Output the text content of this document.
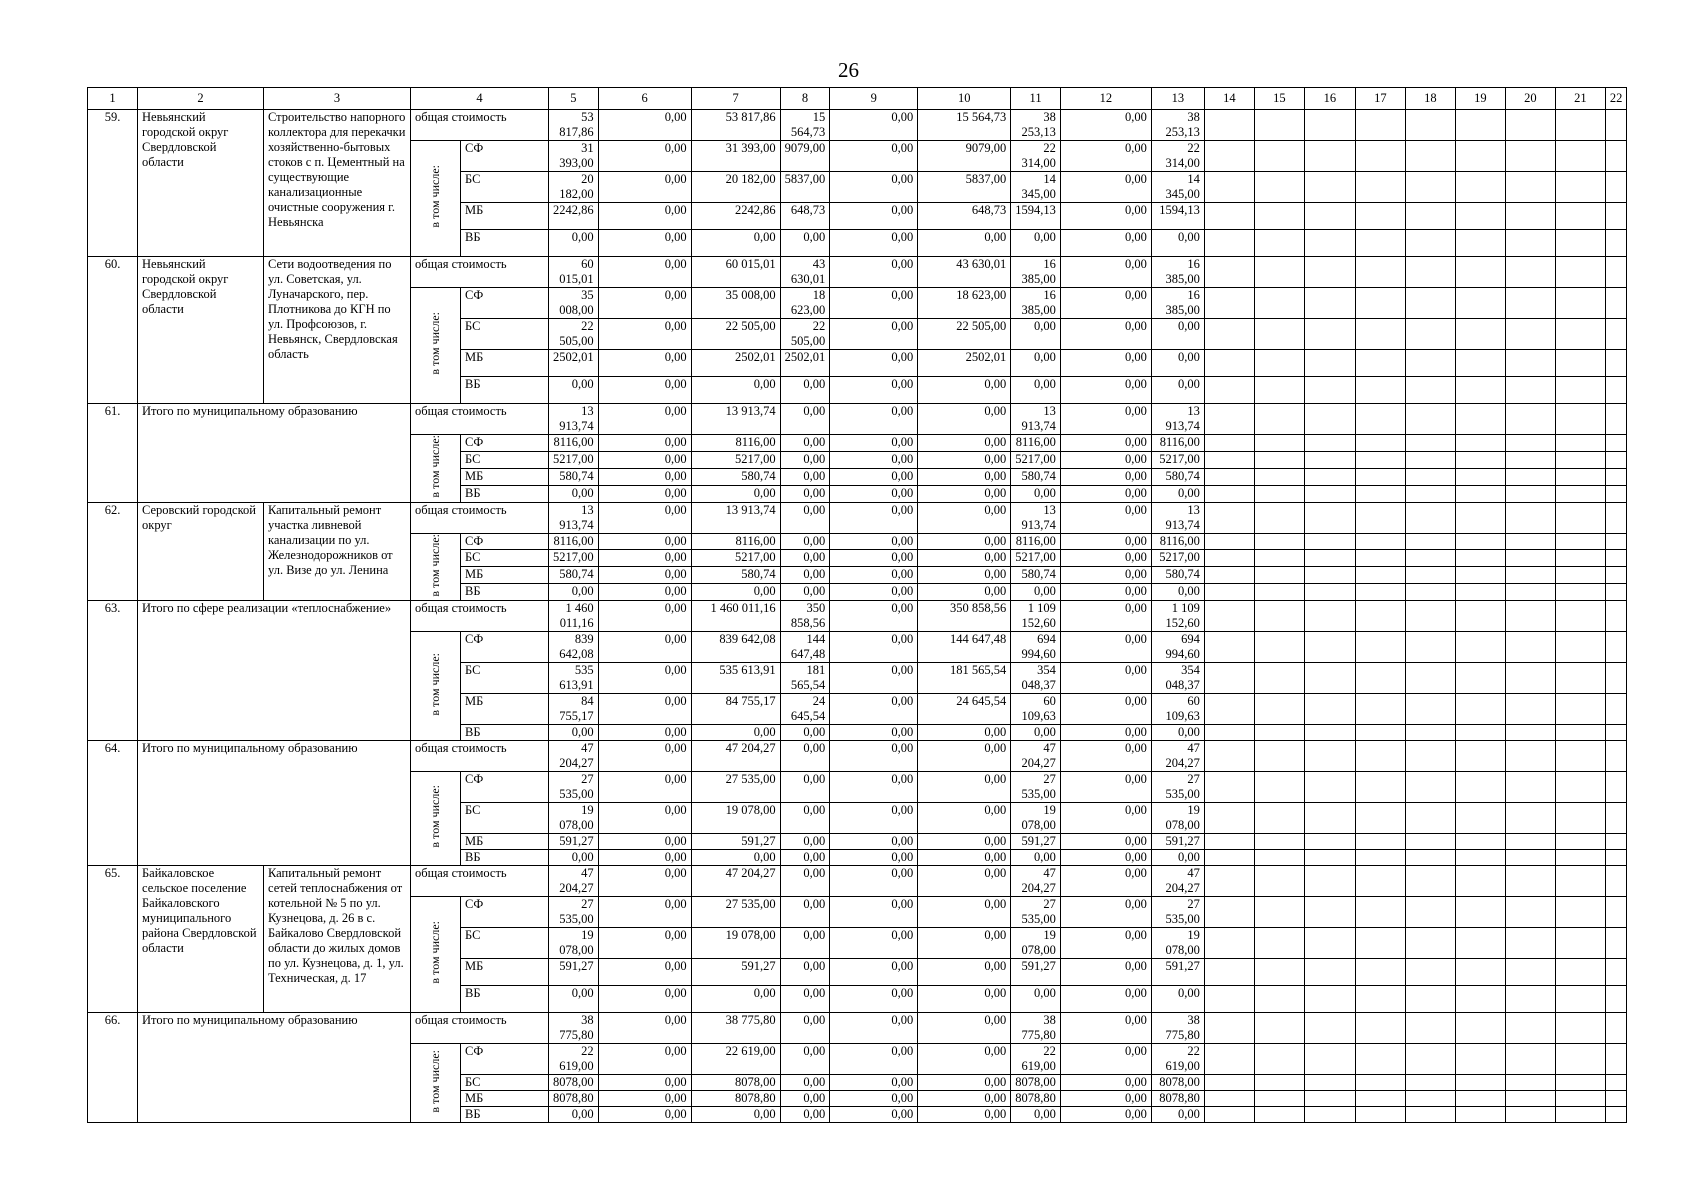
26
1	2	3	4		5	6	7	8	9	10	11	12	13	14	15	16	17	18	19	20	21	22
59.	Невьянский городской округ Свердловской области	Строительство напорного коллектора для перекачки хозяйственно-бытовых стоков с п. Цементный на существующие канализационные очистные сооружения г. Невьянска	общая стоимость		53 817,86	0,00	53 817,86	15 564,73	0,00	15 564,73	38 253,13	0,00	38 253,13									
			в том числе:	СФ	31 393,00	0,00	31 393,00	9079,00	0,00	9079,00	22 314,00	0,00	22 314,00									
				БС	20 182,00	0,00	20 182,00	5837,00	0,00	5837,00	14 345,00	0,00	14 345,00									
				МБ	2242,86	0,00	2242,86	648,73	0,00	648,73	1594,13	0,00	1594,13									
				ВБ	0,00	0,00	0,00	0,00	0,00	0,00	0,00	0,00	0,00									
60.	Невьянский городской округ Свердловской области	Сети водоотведения по ул. Советская, ул. Луначарского, пер. Плотникова до КГН по ул. Профсоюзов, г. Невьянск, Свердловская область	общая стоимость		60 015,01	0,00	60 015,01	43 630,01	0,00	43 630,01	16 385,00	0,00	16 385,00									
			в том числе:	СФ	35 008,00	0,00	35 008,00	18 623,00	0,00	18 623,00	16 385,00	0,00	16 385,00									
				БС	22 505,00	0,00	22 505,00	22 505,00	0,00	22 505,00	0,00	0,00	0,00									
				МБ	2502,01	0,00	2502,01	2502,01	0,00	2502,01	0,00	0,00	0,00									
				ВБ	0,00	0,00	0,00	0,00	0,00	0,00	0,00	0,00	0,00									
61.	Итого по муниципальному образованию		общая стоимость		13 913,74	0,00	13 913,74	0,00	0,00	0,00	13 913,74	0,00	13 913,74									
			в том числе:	СФ	8116,00	0,00	8116,00	0,00	0,00	0,00	8116,00	0,00	8116,00									
				БС	5217,00	0,00	5217,00	0,00	0,00	0,00	5217,00	0,00	5217,00									
				МБ	580,74	0,00	580,74	0,00	0,00	0,00	580,74	0,00	580,74									
				ВБ	0,00	0,00	0,00	0,00	0,00	0,00	0,00	0,00	0,00									
62.	Серовский городской округ	Капитальный ремонт участка ливневой канализации по ул. Железнодорожников от ул. Визе до ул. Ленина	общая стоимость		13 913,74	0,00	13 913,74	0,00	0,00	0,00	13 913,74	0,00	13 913,74									
			в том числе:	СФ	8116,00	0,00	8116,00	0,00	0,00	0,00	8116,00	0,00	8116,00									
				БС	5217,00	0,00	5217,00	0,00	0,00	0,00	5217,00	0,00	5217,00									
				МБ	580,74	0,00	580,74	0,00	0,00	0,00	580,74	0,00	580,74									
				ВБ	0,00	0,00	0,00	0,00	0,00	0,00	0,00	0,00	0,00									
63.	Итого по сфере реализации «теплоснабжение»		общая стоимость		1 460 011,16	0,00	1 460 011,16	350 858,56	0,00	350 858,56	1 109 152,60	0,00	1 109 152,60									
			в том числе:	СФ	839 642,08	0,00	839 642,08	144 647,48	0,00	144 647,48	694 994,60	0,00	694 994,60									
				БС	535 613,91	0,00	535 613,91	181 565,54	0,00	181 565,54	354 048,37	0,00	354 048,37									
				МБ	84 755,17	0,00	84 755,17	24 645,54	0,00	24 645,54	60 109,63	0,00	60 109,63									
				ВБ	0,00	0,00	0,00	0,00	0,00	0,00	0,00	0,00	0,00									
64.	Итого по муниципальному образованию		общая стоимость		47 204,27	0,00	47 204,27	0,00	0,00	0,00	47 204,27	0,00	47 204,27									
			в том числе:	СФ	27 535,00	0,00	27 535,00	0,00	0,00	0,00	27 535,00	0,00	27 535,00									
				БС	19 078,00	0,00	19 078,00	0,00	0,00	0,00	19 078,00	0,00	19 078,00									
				МБ	591,27	0,00	591,27	0,00	0,00	0,00	591,27	0,00	591,27									
				ВБ	0,00	0,00	0,00	0,00	0,00	0,00	0,00	0,00	0,00									
65.	Байкаловское сельское поселение Байкаловского муниципального района Свердловской области	Капитальный ремонт сетей теплоснабжения от котельной № 5 по ул. Кузнецова, д. 26 в с. Байкалово Свердловской области до жилых домов по ул. Кузнецова, д. 1, ул. Техническая, д. 17	общая стоимость		47 204,27	0,00	47 204,27	0,00	0,00	0,00	47 204,27	0,00	47 204,27									
			в том числе:	СФ	27 535,00	0,00	27 535,00	0,00	0,00	0,00	27 535,00	0,00	27 535,00									
				БС	19 078,00	0,00	19 078,00	0,00	0,00	0,00	19 078,00	0,00	19 078,00									
				МБ	591,27	0,00	591,27	0,00	0,00	0,00	591,27	0,00	591,27									
				ВБ	0,00	0,00	0,00	0,00	0,00	0,00	0,00	0,00	0,00									
66.	Итого по муниципальному образованию		общая стоимость		38 775,80	0,00	38 775,80	0,00	0,00	0,00	38 775,80	0,00	38 775,80									
			в том числе:	СФ	22 619,00	0,00	22 619,00	0,00	0,00	0,00	22 619,00	0,00	22 619,00									
				БС	8078,00	0,00	8078,00	0,00	0,00	0,00	8078,00	0,00	8078,00									
				МБ	8078,80	0,00	8078,80	0,00	0,00	0,00	8078,80	0,00	8078,80									
				ВБ	0,00	0,00	0,00	0,00	0,00	0,00	0,00	0,00	0,00									
